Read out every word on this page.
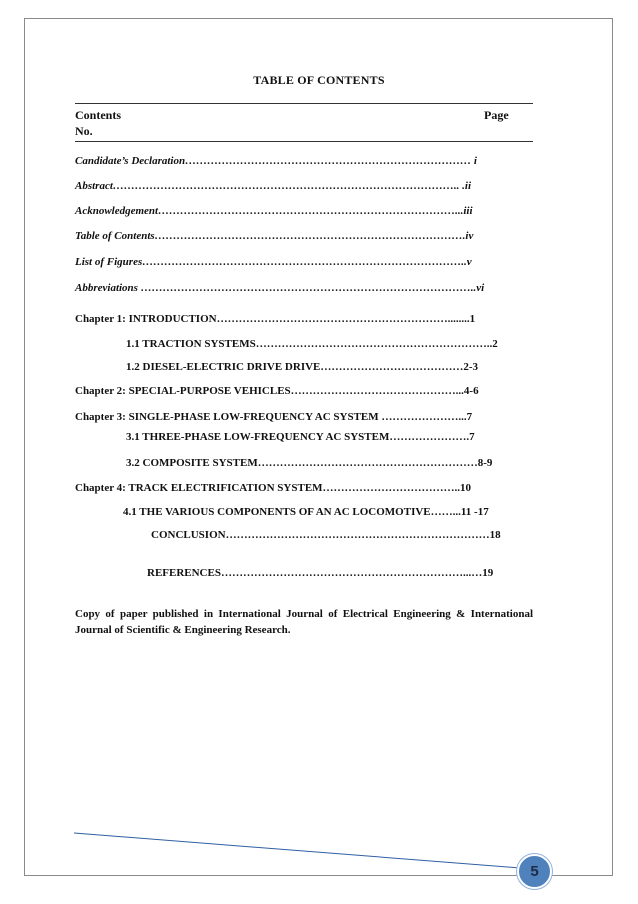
TABLE OF CONTENTS
Contents	Page
No.
Candidate’s Declaration…………………………………………………………………… i
Abstract………………………………………………………………………………….. .ii
Acknowledgement………………………………………………………………………...iii
Table of Contents………………………………………………………………………….iv
List of Figures……………………………………………………………………………..v
Abbreviations ………………………………………………………………………………..vi
Chapter 1: INTRODUCTION………………………………………………………........1
1.1 TRACTION SYSTEMS………………………………………………………..2
1.2 DIESEL-ELECTRIC DRIVE DRIVE…………………………………2-3
Chapter 2: SPECIAL-PURPOSE VEHICLES………………………………………...4-6
Chapter 3: SINGLE-PHASE LOW-FREQUENCY AC SYSTEM …………………...7
3.1 THREE-PHASE LOW-FREQUENCY AC SYSTEM………………….7
3.2 COMPOSITE SYSTEM……………………………………………………8-9
Chapter 4: TRACK ELECTRIFICATION SYSTEM………………………………..10
4.1 THE VARIOUS COMPONENTS OF AN AC LOCOMOTIVE……...11 -17
CONCLUSION………………………………………………………………18
REFERENCES…………………………………………………………...…19
Copy of paper published in International Journal of Electrical Engineering & International Journal of Scientific & Engineering Research.
5
